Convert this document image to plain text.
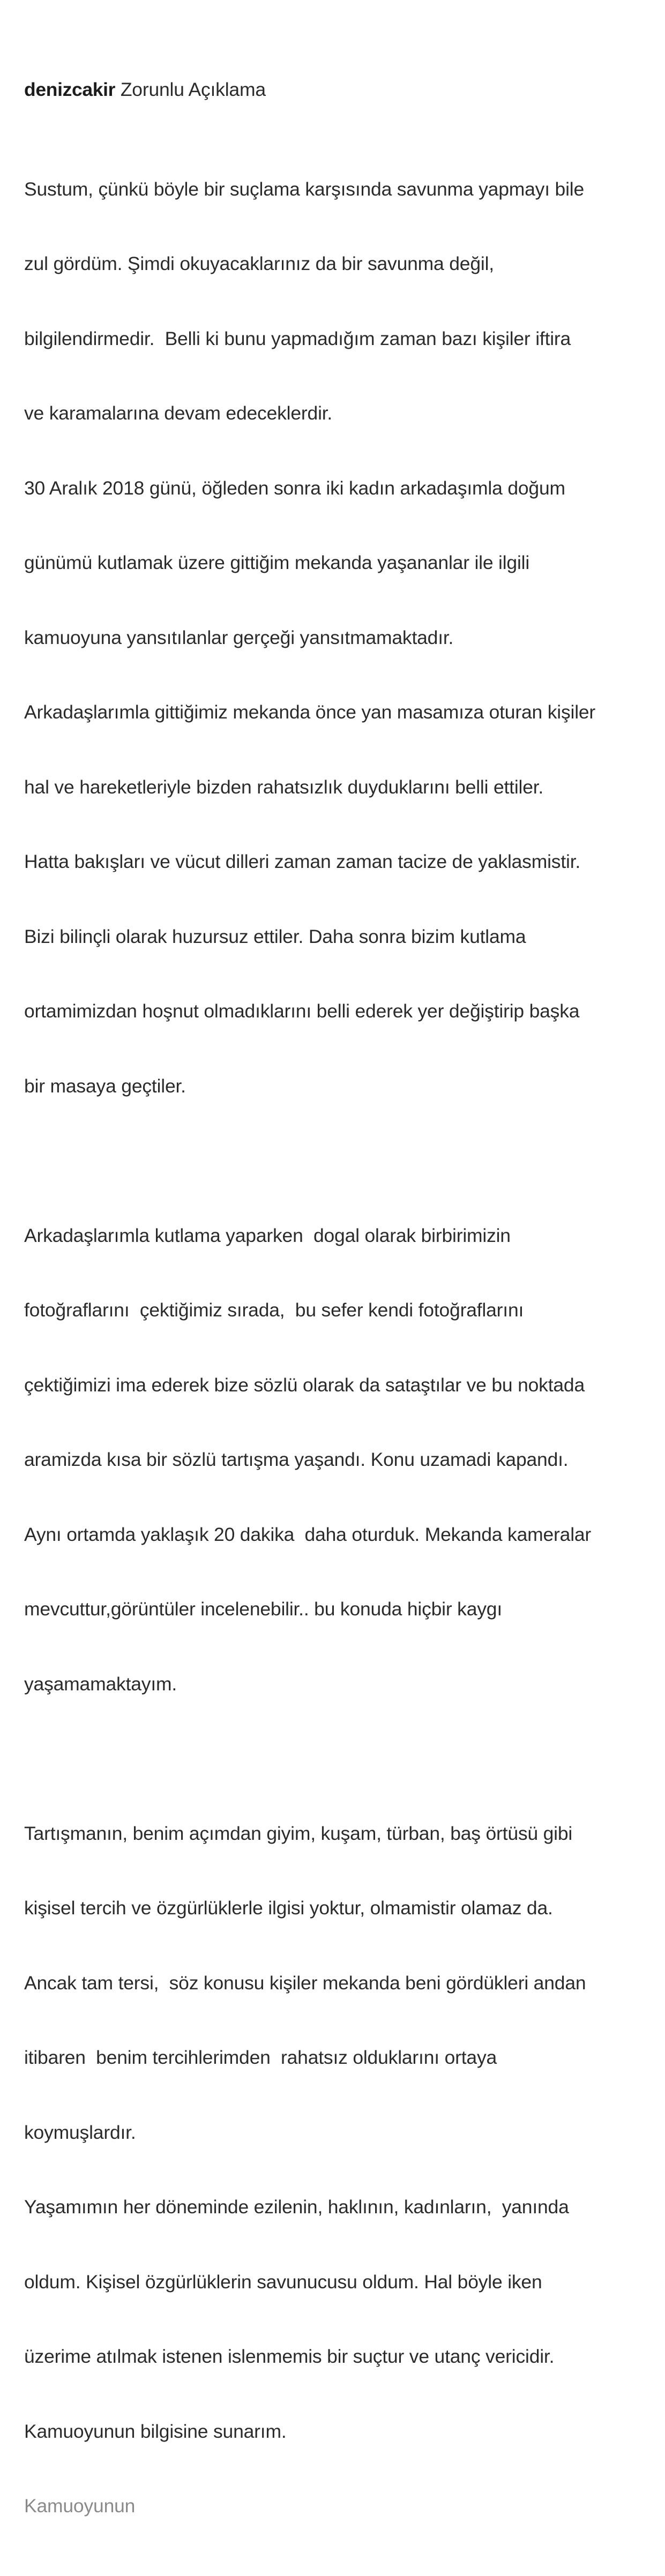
denizcakir Zorunlu Açıklama

Sustum, çünkü böyle bir suçlama karşısında savunma yapmayı bile

zul gördüm. Şimdi okuyacaklarınız da bir savunma değil,

bilgilendirmedir.  Belli ki bunu yapmadığım zaman bazı kişiler iftira

ve karamalarına devam edeceklerdir.

30 Aralık 2018 günü, öğleden sonra iki kadın arkadaşımla doğum

günümü kutlamak üzere gittiğim mekanda yaşananlar ile ilgili

kamuoyuna yansıtılanlar gerçeği yansıtmamaktadır.

Arkadaşlarımla gittiğimiz mekanda önce yan masamıza oturan kişiler

hal ve hareketleriyle bizden rahatsızlık duyduklarını belli ettiler.

Hatta bakışları ve vücut dilleri zaman zaman tacize de yaklasmistir.

Bizi bilinçli olarak huzursuz ettiler. Daha sonra bizim kutlama

ortamimizdan hoşnut olmadıklarını belli ederek yer değiştirip başka

bir masaya geçtiler.

Arkadaşlarımla kutlama yaparken  dogal olarak birbirimizin

fotoğraflarını  çektiğimiz sırada,  bu sefer kendi fotoğraflarını

çektiğimizi ima ederek bize sözlü olarak da sataştılar ve bu noktada

aramizda kısa bir sözlü tartışma yaşandı. Konu uzamadi kapandı.

Aynı ortamda yaklaşık 20 dakika  daha oturduk. Mekanda kameralar

mevcuttur,görüntüler incelenebilir.. bu konuda hiçbir kaygı

yaşamamaktayım.

Tartışmanın, benim açımdan giyim, kuşam, türban, baş örtüsü gibi

kişisel tercih ve özgürlüklerle ilgisi yoktur, olmamistir olamaz da.

Ancak tam tersi,  söz konusu kişiler mekanda beni gördükleri andan

itibaren  benim tercihlerimden  rahatsız olduklarını ortaya

koymuşlardır.

Yaşamımın her döneminde ezilenin, haklının, kadınların,  yanında

oldum. Kişisel özgürlüklerin savunucusu oldum. Hal böyle iken

üzerime atılmak istenen islenmemis bir suçtur ve utanç vericidir.

Kamuoyunun bilgisine sunarım.

Kamuoyunun
